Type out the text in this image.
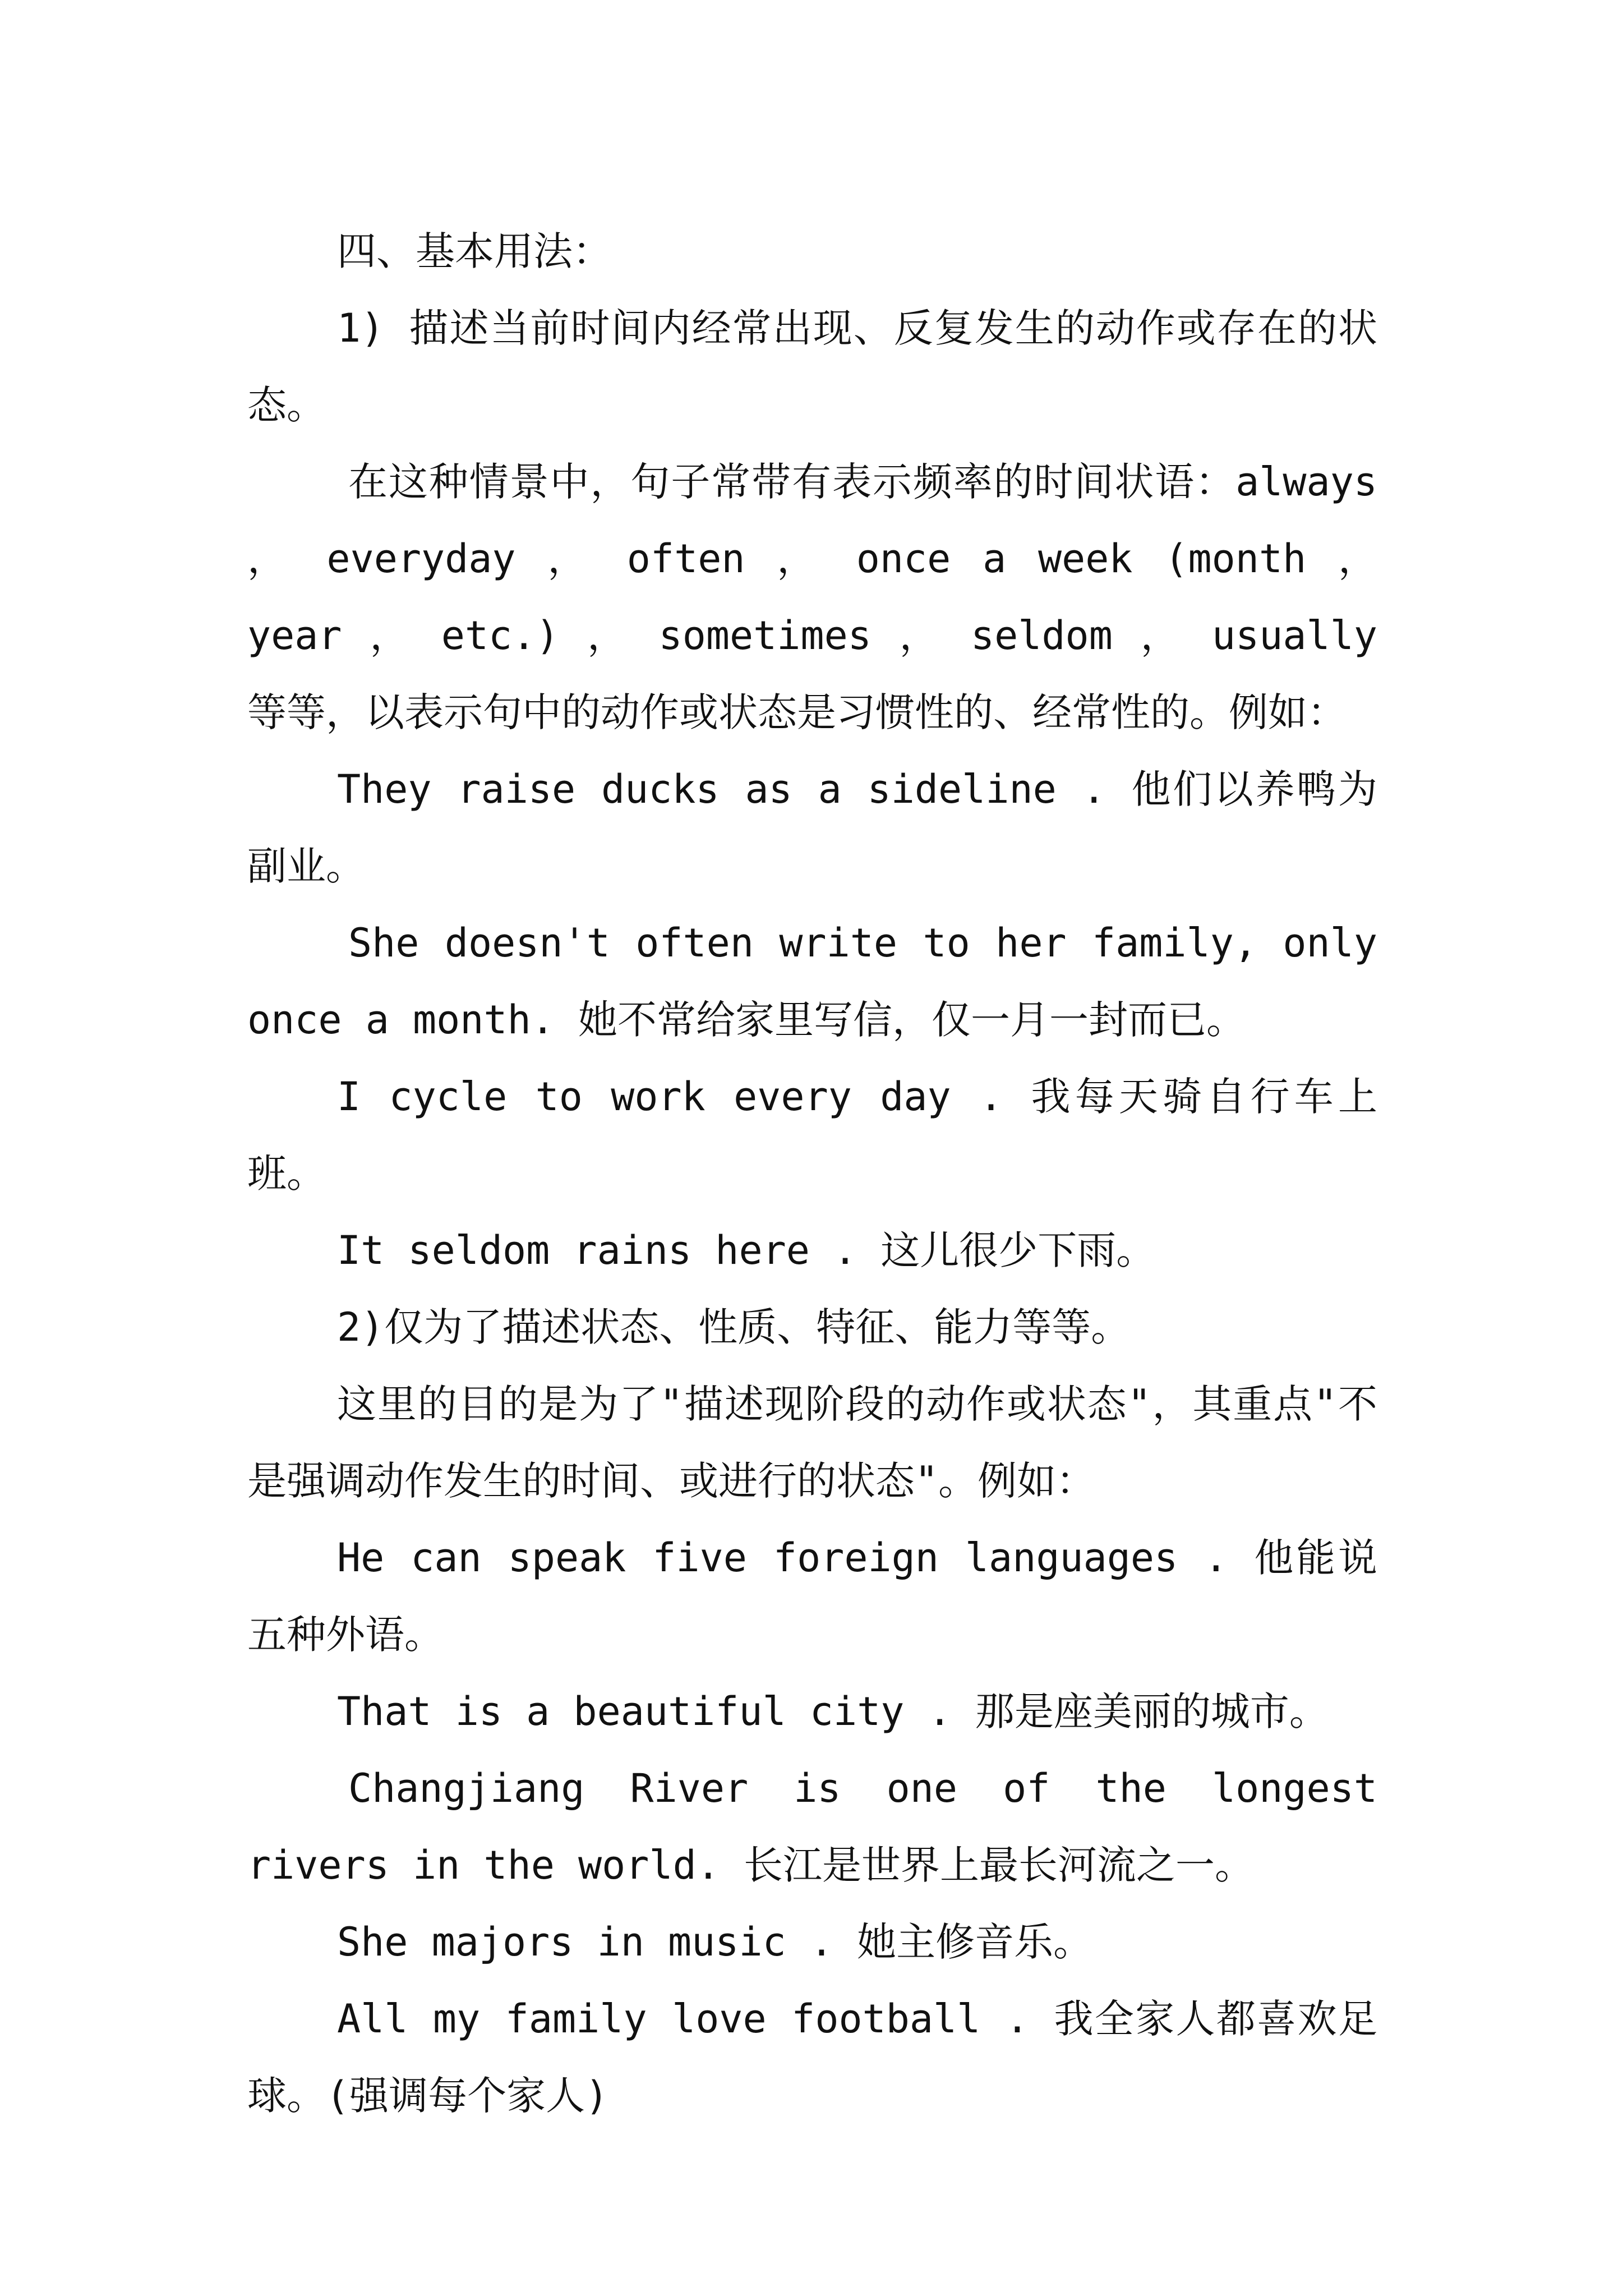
四、基本用法：

1) 描述当前时间内经常出现、反复发生的动作或存在的状态。

在这种情景中，句子常带有表示频率的时间状语：always ， everyday ， often ， once a week (month ， year ， etc.) ， sometimes ， seldom ， usually 等等，以表示句中的动作或状态是习惯性的、经常性的。例如：

They raise ducks as a sideline . 他们以养鸭为副业。

She doesn't often write to her family, only once a month. 她不常给家里写信，仅一月一封而已。

I cycle to work every day . 我每天骑自行车上班。

It seldom rains here . 这儿很少下雨。

2)仅为了描述状态、性质、特征、能力等等。

这里的目的是为了"描述现阶段的动作或状态"，其重点"不是强调动作发生的时间、或进行的状态"。例如：

He can speak five foreign languages . 他能说五种外语。

That is a beautiful city . 那是座美丽的城市。

Changjiang River is one of the longest rivers in the world. 长江是世界上最长河流之一。

She majors in music . 她主修音乐。

All my family love football . 我全家人都喜欢足球。(强调每个家人)
